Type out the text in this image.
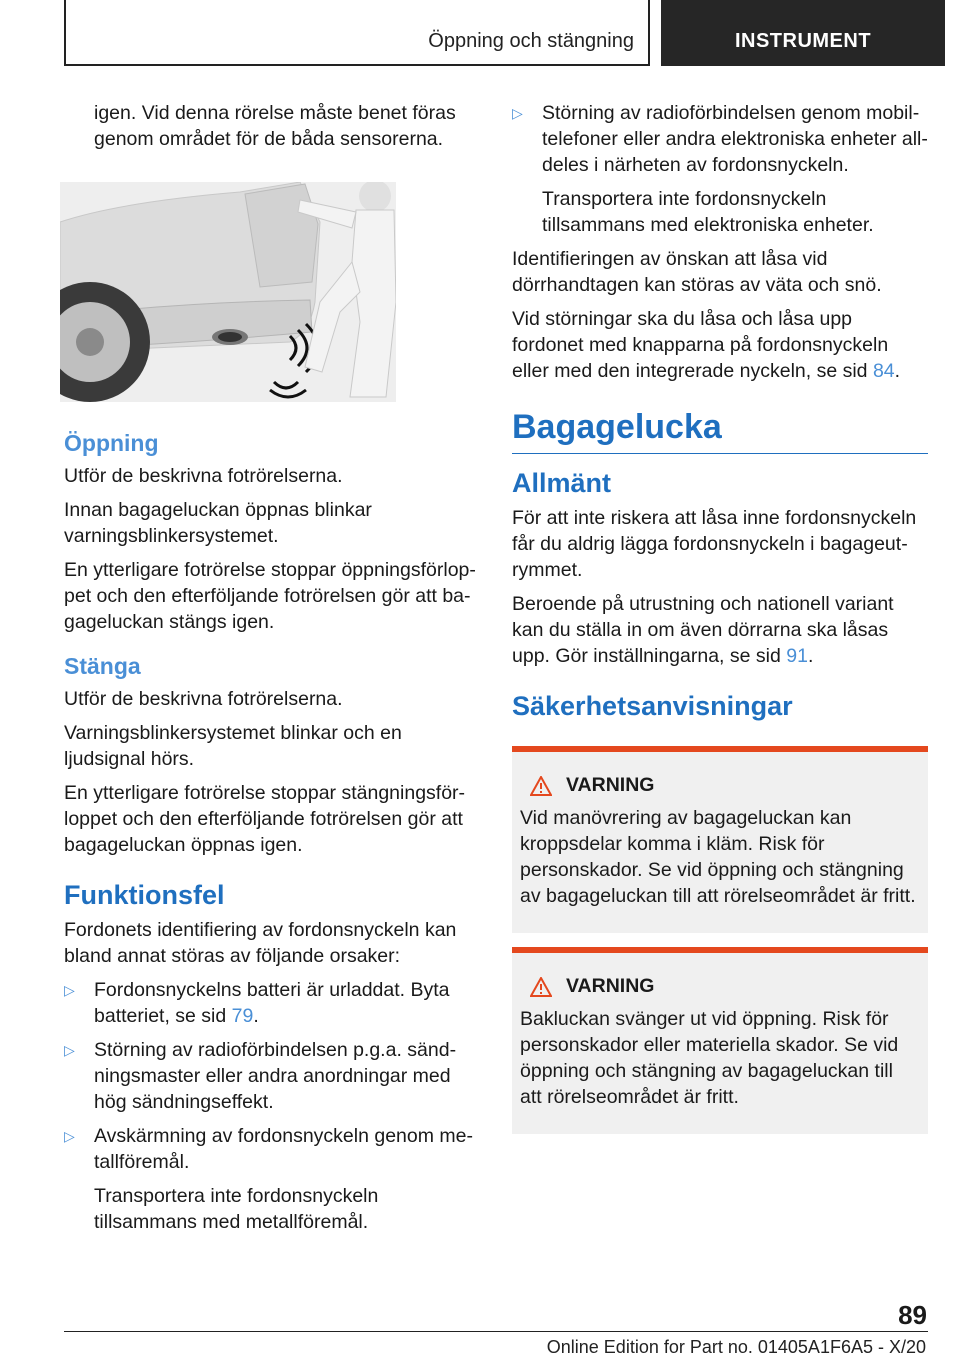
Öppning och stängning	INSTRUMENT

igen. Vid denna rörelse måste benet föras genom området för de båda sensorerna.

Öppning

Utför de beskrivna fotrörelserna.

Innan bagageluckan öppnas blinkar varningsblinkersystemet.

En ytterligare fotrörelse stoppar öppningsförloppet och den efterföljande fotrörelsen gör att bagageluckan stängs igen.

Stänga

Utför de beskrivna fotrörelserna.

Varningsblinkersystemet blinkar och en ljudsignal hörs.

En ytterligare fotrörelse stoppar stängningsförloppet och den efterföljande fotrörelsen gör att bagageluckan öppnas igen.

Funktionsfel

Fordonets identifiering av fordonsnyckeln kan bland annat störas av följande orsaker:

▷ Fordonsnyckelns batteri är urladdat. Byta batteriet, se sid 79.
▷ Störning av radioförbindelsen p.g.a. sändningsmaster eller andra anordningar med hög sändningseffekt.
▷ Avskärmning av fordonsnyckeln genom metallföremål.
Transportera inte fordonsnyckeln tillsammans med metallföremål.
▷ Störning av radioförbindelsen genom mobiltelefoner eller andra elektroniska enheter alldeles i närheten av fordonsnyckeln.
Transportera inte fordonsnyckeln tillsammans med elektroniska enheter.

Identifieringen av önskan att låsa vid dörrhandtagen kan störas av väta och snö.

Vid störningar ska du låsa och låsa upp fordonet med knapparna på fordonsnyckeln eller med den integrerade nyckeln, se sid 84.

Bagagelucka
Allmänt

För att inte riskera att låsa inne fordonsnyckeln får du aldrig lägga fordonsnyckeln i bagageutrymmet.

Beroende på utrustning och nationell variant kan du ställa in om även dörrarna ska låsas upp. Gör inställningarna, se sid 91.

Säkerhetsanvisningar
VARNING

Vid manövrering av bagageluckan kan kroppsdelar komma i kläm. Risk för personskador. Se vid öppning och stängning av bagageluckan till att rörelseområdet är fritt.

VARNING

Bakluckan svänger ut vid öppning. Risk för personskador eller materiella skador. Se vid öppning och stängning av bagageluckan till att rörelseområdet är fritt.

89
Online Edition for Part no. 01405A1F6A5 - X/20
